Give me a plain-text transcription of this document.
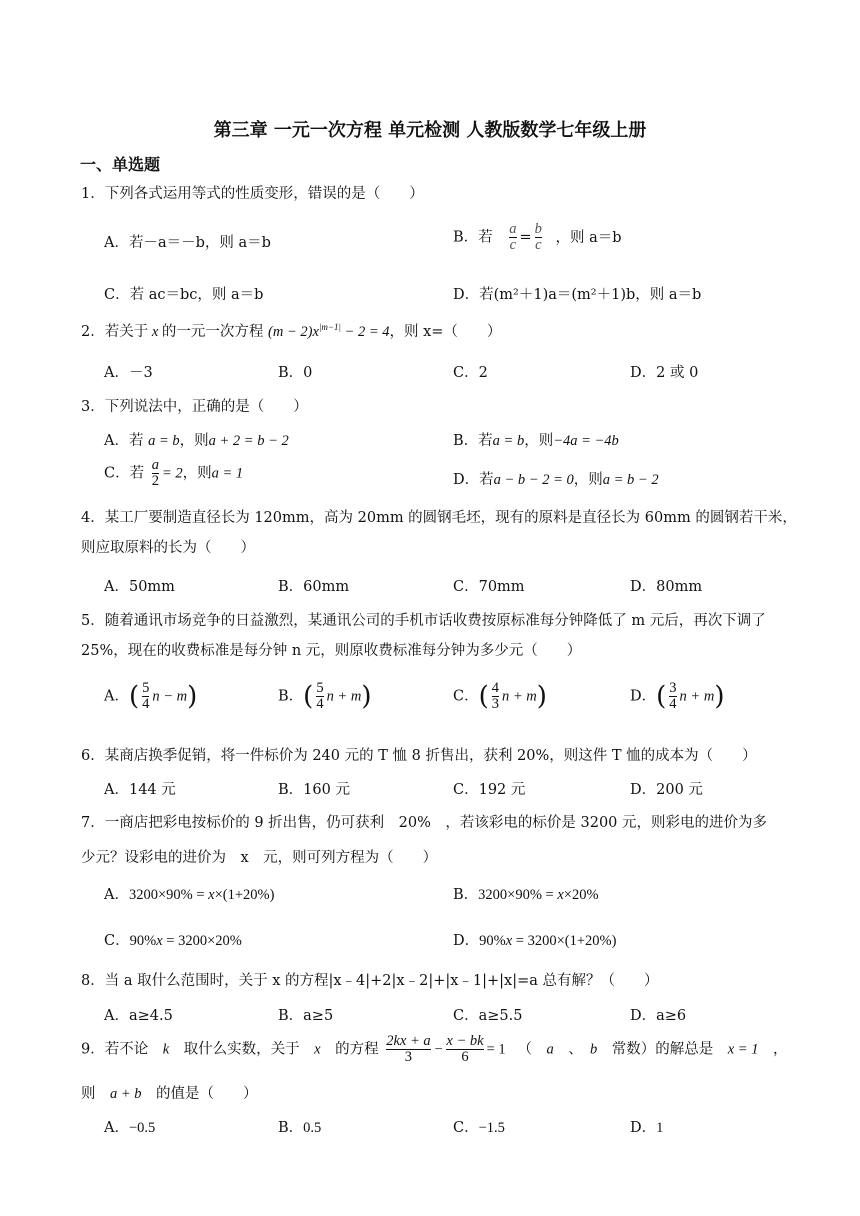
第三章 一元一次方程 单元检测 人教版数学七年级上册
一、单选题
1．下列各式运用等式的性质变形，错误的是（　　）
A．若－a＝－b，则 a＝b	B．若 $\frac{a}{c} = \frac{b}{c}$ ，则 a＝b
C．若 ac＝bc，则 a＝b	D．若(m²＋1)a＝(m²＋1)b，则 a＝b
2．若关于 x 的一元一次方程 $(m - 2)x^{|m-1|} - 2 = 4$，则 x=（　　）
A．－3	B．0	C．2	D．2 或 0
3．下列说法中，正确的是（　　）
A．若 a = b，则a + 2 = b − 2	B．若a = b，则−4a = −4b
C．若 $\frac{a}{2} = 2$，则a = 1	D．若a − b − 2 = 0，则a = b − 2
4．某工厂要制造直径长为 120mm，高为 20mm 的圆钢毛坯，现有的原料是直径长为 60mm 的圆钢若干米，则应取原料的长为（　　）
A．50mm	B．60mm	C．70mm	D．80mm
5．随着通讯市场竞争的日益激烈，某通讯公司的手机市话收费按原标准每分钟降低了 m 元后，再次下调了 25%，现在的收费标准是每分钟 n 元，则原收费标准每分钟为多少元（　　）
A．( $\frac{5}{4}$ n − m)	B．( $\frac{5}{4}$ n + m)	C．( $\frac{4}{3}$ n + m)	D．( $\frac{3}{4}$ n + m)
6．某商店换季促销，将一件标价为 240 元的 T 恤 8 折售出，获利 20%，则这件 T 恤的成本为（　　）
A．144 元	B．160 元	C．192 元	D．200 元
7．一商店把彩电按标价的 9 折出售，仍可获利　20%　，若该彩电的标价是 3200 元，则彩电的进价为多
少元？设彩电的进价为　x　元，则可列方程为（　　）
A．3200×90% = x×(1+20%)	B．3200×90% = x×20%
C．90%x = 3200×20%	D．90%x = 3200×(1+20%)
8．当 a 取什么范围时，关于 x 的方程|x﹣4|+2|x﹣2|+|x﹣1|+|x|=a 总有解？（　　）
A．a≥4.5	B．a≥5	C．a≥5.5	D．a≥6
9．若不论　 k　 取什么实数，关于　 x　 的方程 $\frac{2kx + a}{3} - \frac{x - bk}{6} = 1$ 　 （　 a　 、　 b　 常数）的解总是　 x = 1　 ，
则　 a + b　 的值是（　　）
A．−0.5	B．0.5	C．−1.5	D．1
